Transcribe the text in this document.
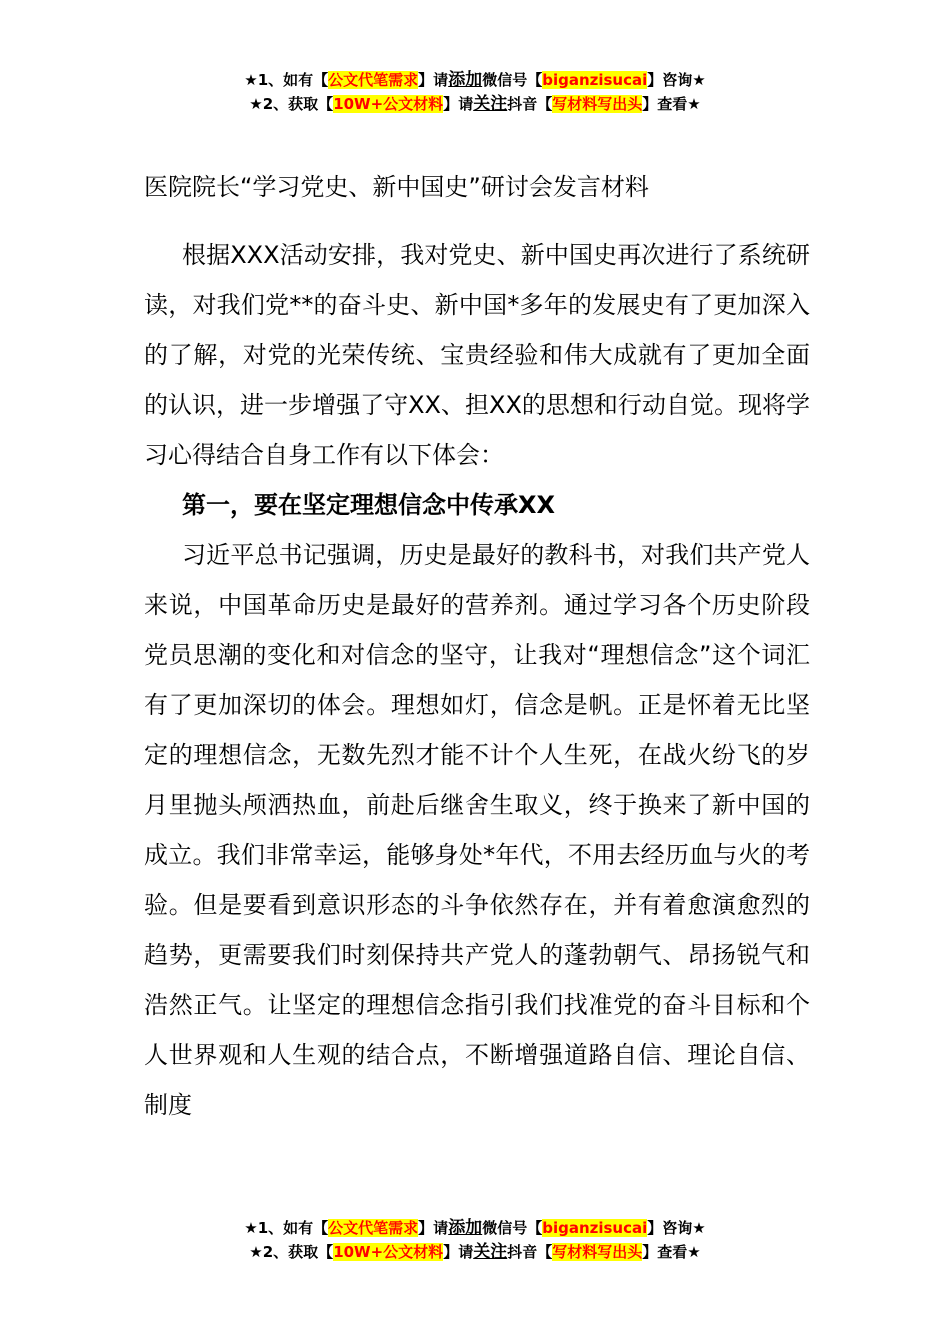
★1、如有【公文代笔需求】请添加微信号【biganzisucai】咨询★
★2、获取【10W+公文材料】请关注抖音【写材料写出头】查看★
医院院长“学习党史、新中国史”研讨会发言材料

根据XXX活动安排，我对党史、新中国史再次进行了系统研读，对我们党**的奋斗史、新中国*多年的发展史有了更加深入的了解，对党的光荣传统、宝贵经验和伟大成就有了更加全面的认识，进一步增强了守XX、担XX的思想和行动自觉。现将学习心得结合自身工作有以下体会：

第一，要在坚定理想信念中传承XX

习近平总书记强调，历史是最好的教科书，对我们共产党人来说，中国革命历史是最好的营养剂。通过学习各个历史阶段党员思潮的变化和对信念的坚守，让我对“理想信念”这个词汇有了更加深切的体会。理想如灯，信念是帆。正是怀着无比坚定的理想信念，无数先烈才能不计个人生死，在战火纷飞的岁月里抛头颅洒热血，前赴后继舍生取义，终于换来了新中国的成立。我们非常幸运，能够身处*年代，不用去经历血与火的考验。但是要看到意识形态的斗争依然存在，并有着愈演愈烈的趋势，更需要我们时刻保持共产党人的蓬勃朝气、昂扬锐气和浩然正气。让坚定的理想信念指引我们找准党的奋斗目标和个人世界观和人生观的结合点，不断增强道路自信、理论自信、制度

★1、如有【公文代笔需求】请添加微信号【biganzisucai】咨询★
★2、获取【10W+公文材料】请关注抖音【写材料写出头】查看★
